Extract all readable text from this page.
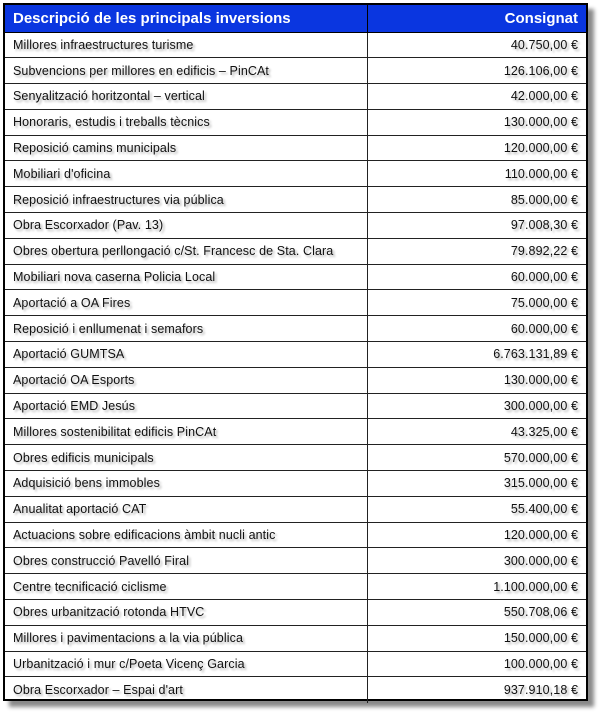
Descripció de les principals inversions	Consignat
Millores infraestructures turisme	40.750,00 €
Subvencions per millores en edificis – PinCAt	126.106,00 €
Senyalització horitzontal – vertical	42.000,00 €
Honoraris, estudis i treballs tècnics	130.000,00 €
Reposició camins municipals	120.000,00 €
Mobiliari d'oficina	110.000,00 €
Reposició infraestructures via pública	85.000,00 €
Obra Escorxador (Pav. 13)	97.008,30 €
Obres obertura perllongació c/St. Francesc de Sta. Clara	79.892,22 €
Mobiliari nova caserna Policia Local	60.000,00 €
Aportació a OA Fires	75.000,00 €
Reposició i enllumenat i semafors	60.000,00 €
Aportació GUMTSA	6.763.131,89 €
Aportació OA Esports	130.000,00 €
Aportació EMD Jesús	300.000,00 €
Millores sostenibilitat edificis PinCAt	43.325,00 €
Obres edificis municipals	570.000,00 €
Adquisició bens immobles	315.000,00 €
Anualitat aportació CAT	55.400,00 €
Actuacions sobre edificacions àmbit nucli antic	120.000,00 €
Obres construcció Pavelló Firal	300.000,00 €
Centre tecnificació ciclisme	1.100.000,00 €
Obres urbanització rotonda HTVC	550.708,06 €
Millores i pavimentacions a la via pública	150.000,00 €
Urbanització i mur c/Poeta Vicenç Garcia	100.000,00 €
Obra Escorxador – Espai d'art	937.910,18 €
